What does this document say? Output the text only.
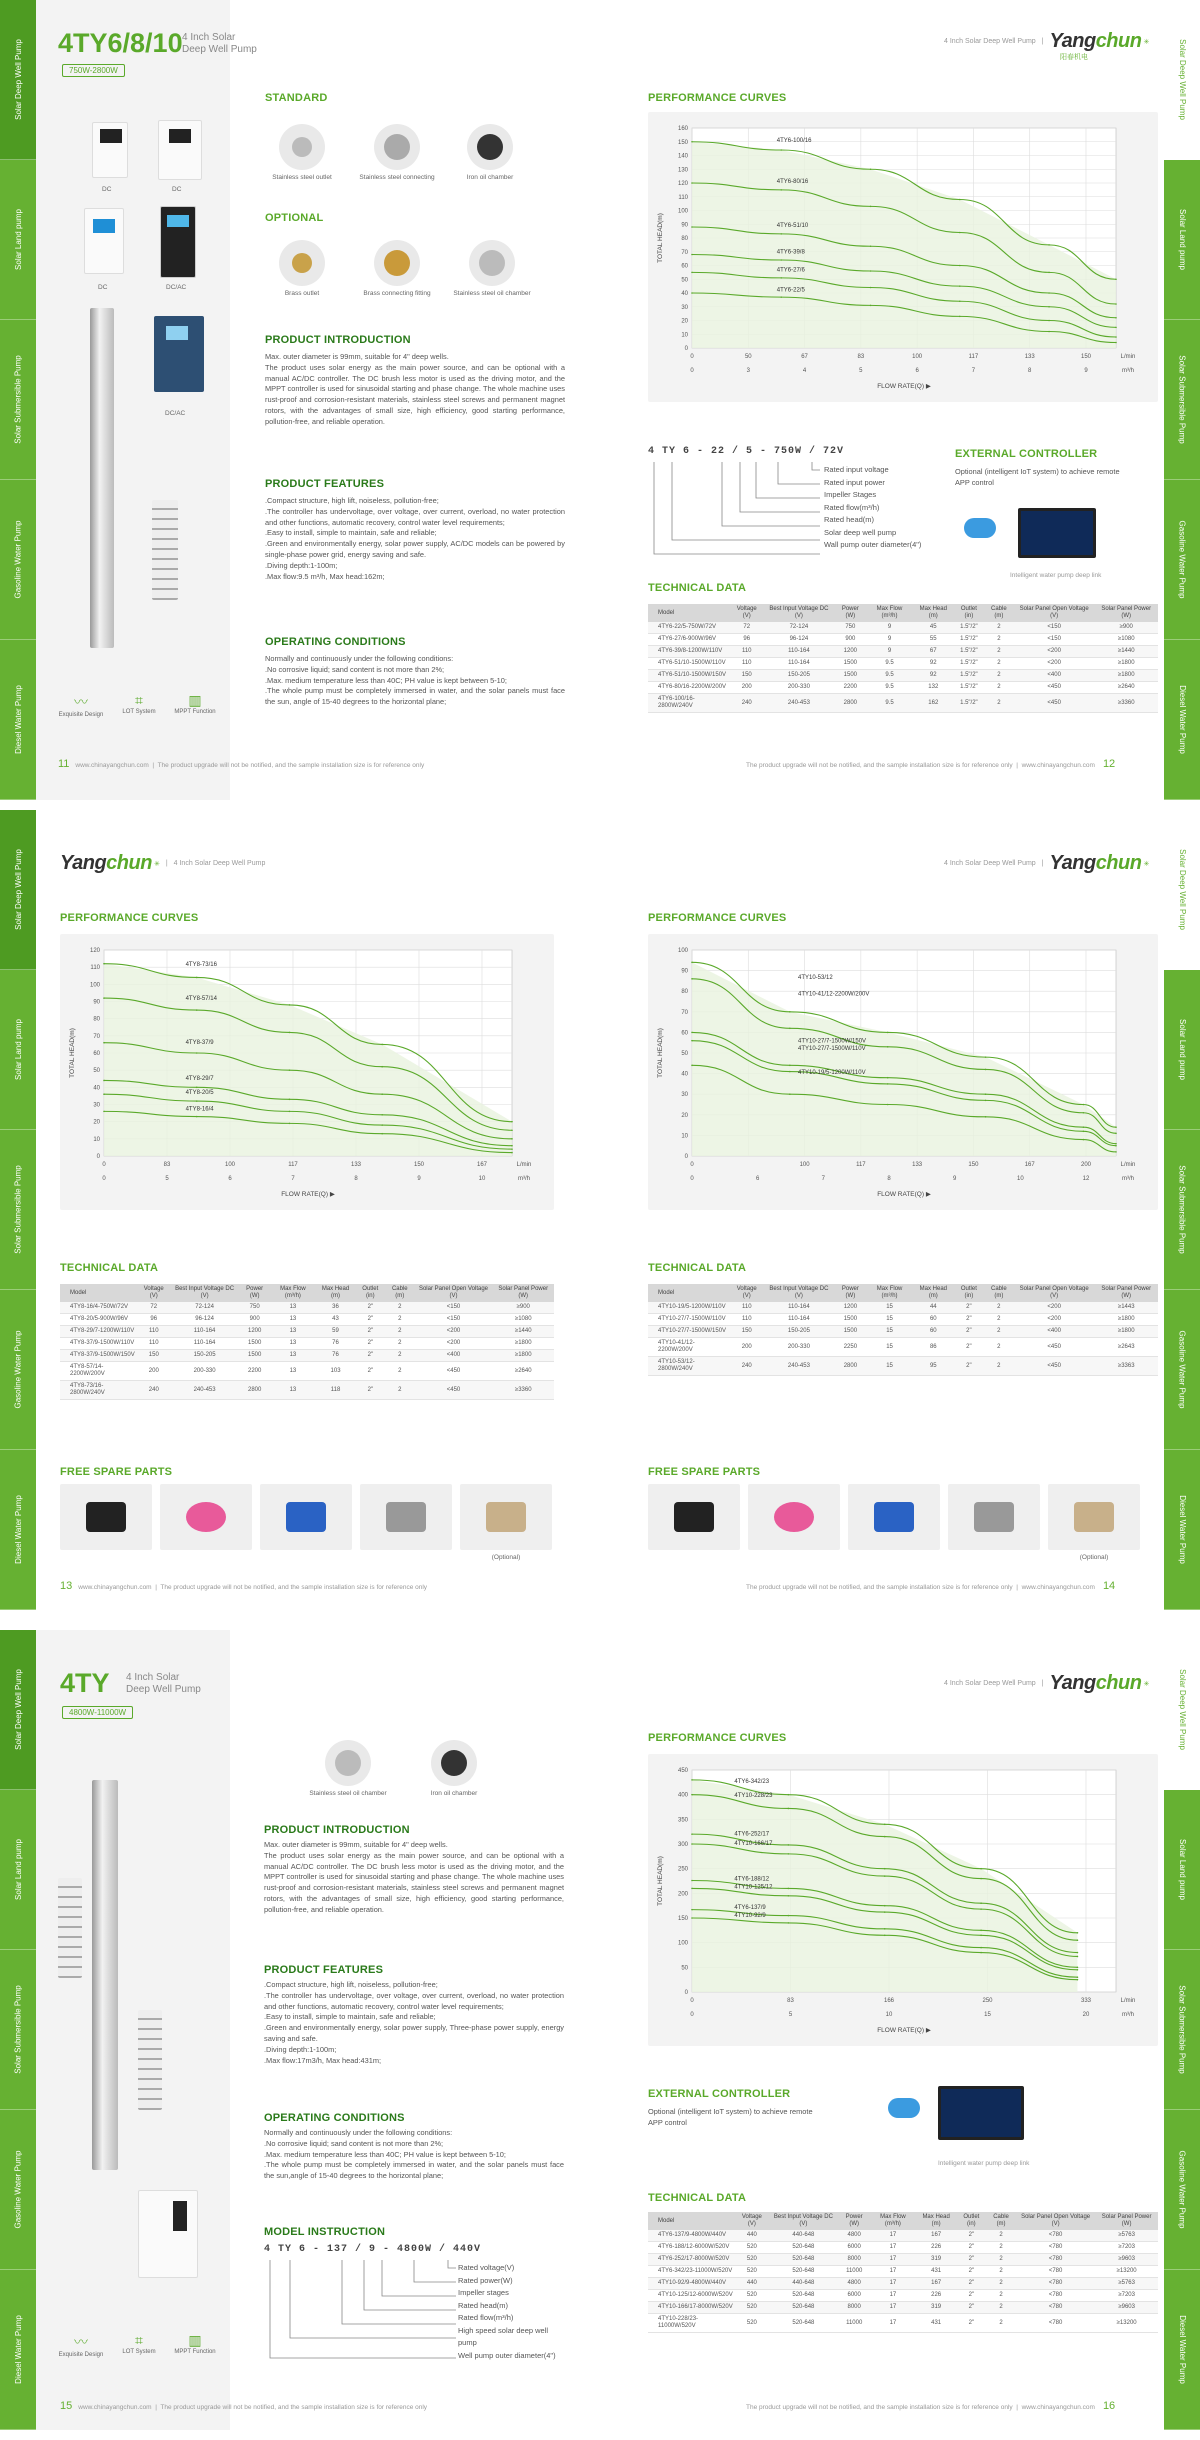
Solar Deep Well Pump
Solar Land pump
Solar Submersible Pump
Gasoline Water Pump
Diesel Water Pump
4TY6/8/10 4 Inch Solar
Deep Well Pump
750W-2800W
DC	DC
DC	DC/AC
DC/AC
〰
Exquisite Design
⌗
LOT System
▥
MPPT Function
STANDARD
Stainless steel outlet	Stainless steel connecting	Iron oil chamber
OPTIONAL
Brass outlet	Brass connecting fitting	Stainless steel oil chamber
PRODUCT INTRODUCTION
Max. outer diameter is 99mm, suitable for 4" deep wells.
The product uses solar energy as the main power source, and can be optional with a manual AC/DC controller. The DC brush less motor is used as the driving motor, and the MPPT controller is used for sinusoidal starting and phase change. The whole machine uses rust-proof and corrosion-resistant materials, stainless steel screws and permanent magnet rotors, with the advantages of small size, high efficiency, good starting performance, pollution-free, and reliable operation.
PRODUCT FEATURES
.Compact structure, high lift, noiseless, pollution-free;
.The controller has undervoltage, over voltage, over current, overload, no water protection and other functions, automatic recovery, control water level requirements;
.Easy to install, simple to maintain, safe and reliable;
.Green and environmentally energy, solar power supply, AC/DC models can be powered by single-phase power grid, energy saving and safe.
.Diving depth:1-100m;
.Max flow:9.5 m³/h, Max head:162m;
OPERATING CONDITIONS
Normally and continuously under the following conditions:
.No corrosive liquid; sand content is not more than 2%;
.Max. medium temperature less than 40C; PH value is kept between 5-10;
.The whole pump must be completely immersed in water, and the solar panels must face the sun, angle of 15-40 degrees to the horizontal plane;
11 www.chinayangchun.com  |  The product upgrade will not be notified, and the sample installation size is for reference only
Solar Deep Well Pump
Solar Land pump
Solar Submersible Pump
Gasoline Water Pump
Diesel Water Pump
4 Inch Solar Deep Well Pump | Yangchun ✳
阳春机电
PERFORMANCE CURVES
0
10
20
30
40
50
60
70
80
90
100
110
120
130
140
150
160
0	50	67	83	100	117	133	150	L/min
0	3	4	5	6	7	8	9	m³/h
FLOW RATE(Q) ▶
TOTAL HEAD(m)
4TY6-100/16
4TY6-80/16
4TY6-51/10
4TY6-39/8
4TY6-27/6
4TY6-22/5
4 TY 6 - 22 / 5 - 750W / 72V
Rated input voltage
Rated input power
Impeller Stages
Rated flow(m³/h)
Rated head(m)
Solar deep well pump
Wall pump outer diameter(4")
EXTERNAL CONTROLLER
Optional (intelligent IoT system) to achieve remote APP control
Intelligent water pump deep link
TECHNICAL DATA
Model	Voltage (V)	Best Input Voltage DC (V)	Power (W)	Max Flow (m³/h)	Max Head (m)	Outlet (in)	Cable (m)	Solar Panel Open Voltage (V)	Solar Panel Power (W)
4TY6-22/5-750W/72V	72	72-124	750	9	45	1.5"/2"	2	<150	≥900
4TY6-27/6-900W/96V	96	96-124	900	9	55	1.5"/2"	2	<150	≥1080
4TY6-39/8-1200W/110V	110	110-164	1200	9	67	1.5"/2"	2	<200	≥1440
4TY6-51/10-1500W/110V	110	110-164	1500	9.5	92	1.5"/2"	2	<200	≥1800
4TY6-51/10-1500W/150V	150	150-205	1500	9.5	92	1.5"/2"	2	<400	≥1800
4TY6-80/16-2200W/200V	200	200-330	2200	9.5	132	1.5"/2"	2	<450	≥2640
4TY6-100/16-2800W/240V	240	240-453	2800	9.5	162	1.5"/2"	2	<450	≥3360
The product upgrade will not be notified, and the sample installation size is for reference only  |  www.chinayangchun.com 12
Solar Deep Well Pump
Solar Land pump
Solar Submersible Pump
Gasoline Water Pump
Diesel Water Pump
Yangchun ✳ | 4 Inch Solar Deep Well Pump
PERFORMANCE CURVES
0
10
20
30
40
50
60
70
80
90
100
110
120
0	83	100	117	133	150	167	L/min
0	5	6	7	8	9	10	m³/h
FLOW RATE(Q) ▶
TOTAL HEAD(m)
4TY8-73/16
4TY8-57/14
4TY8-37/9
4TY8-29/7
4TY8-20/5
4TY8-16/4
TECHNICAL DATA
Model	Voltage (V)	Best Input Voltage DC (V)	Power (W)	Max Flow (m³/h)	Max Head (m)	Outlet (in)	Cable (m)	Solar Panel Open Voltage (V)	Solar Panel Power (W)
4TY8-16/4-750W/72V	72	72-124	750	13	36	2"	2	<150	≥900
4TY8-20/5-900W/96V	96	96-124	900	13	43	2"	2	<150	≥1080
4TY8-29/7-1200W/110V	110	110-164	1200	13	59	2"	2	<200	≥1440
4TY8-37/9-1500W/110V	110	110-164	1500	13	76	2"	2	<200	≥1800
4TY8-37/9-1500W/150V	150	150-205	1500	13	76	2"	2	<400	≥1800
4TY8-57/14-2200W/200V	200	200-330	2200	13	103	2"	2	<450	≥2640
4TY8-73/16-2800W/240V	240	240-453	2800	13	118	2"	2	<450	≥3360
FREE SPARE PARTS
(Optional)
13 www.chinayangchun.com  |  The product upgrade will not be notified, and the sample installation size is for reference only
Solar Deep Well Pump
Solar Land pump
Solar Submersible Pump
Gasoline Water Pump
Diesel Water Pump
4 Inch Solar Deep Well Pump | Yangchun ✳
PERFORMANCE CURVES
0
10
20
30
40
50
60
70
80
90
100
0	100	117	133	150	167	200	L/min
0	6	7	8	9	10	12	m³/h
FLOW RATE(Q) ▶
TOTAL HEAD(m)
4TY10-53/12
4TY10-41/12-2200W/200V
4TY10-27/7-1500W/150V
4TY10-27/7-1500W/110V
4TY10-19/5-1200W/110V
TECHNICAL DATA
Model	Voltage (V)	Best Input Voltage DC (V)	Power (W)	Max Flow (m³/h)	Max Head (m)	Outlet (in)	Cable (m)	Solar Panel Open Voltage (V)	Solar Panel Power (W)
4TY10-19/5-1200W/110V	110	110-164	1200	15	44	2"	2	<200	≥1443
4TY10-27/7-1500W/110V	110	110-164	1500	15	60	2"	2	<200	≥1800
4TY10-27/7-1500W/150V	150	150-205	1500	15	60	2"	2	<400	≥1800
4TY10-41/12-2200W/200V	200	200-330	2250	15	86	2"	2	<450	≥2643
4TY10-53/12-2800W/240V	240	240-453	2800	15	95	2"	2	<450	≥3363
FREE SPARE PARTS
(Optional)
The product upgrade will not be notified, and the sample installation size is for reference only  |  www.chinayangchun.com 14
Solar Deep Well Pump
Solar Land pump
Solar Submersible Pump
Gasoline Water Pump
Diesel Water Pump
4TY 4 Inch Solar
Deep Well Pump
4800W-11000W
〰
Exquisite Design
⌗
LOT System
▥
MPPT Function
Stainless steel oil chamber	Iron oil chamber
PRODUCT INTRODUCTION
Max. outer diameter is 99mm, suitable for 4" deep wells.
The product uses solar energy as the main power source, and can be optional with a manual AC/DC controller. The DC brush less motor is used as the driving motor, and the MPPT controller is used for sinusoidal starting and phase change. The whole machine uses rust-proof and corrosion-resistant materials, stainless steel screws and permanent magnet rotors, with the advantages of small size, high efficiency, good starting performance, pollution-free, and reliable operation.
PRODUCT FEATURES
.Compact structure, high lift, noiseless, pollution-free;
.The controller has undervoltage, over voltage, over current, overload, no water protection and other functions, automatic recovery, control water level requirements;
.Easy to install, simple to maintain, safe and reliable;
.Green and environmentally energy, solar power supply, Three-phase power supply, energy saving and safe.
.Diving depth:1-100m;
.Max flow:17m3/h, Max head:431m;
OPERATING CONDITIONS
Normally and continuously under the following conditions:
.No corrosive liquid; sand content is not more than 2%;
.Max. medium temperature less than 40C; PH value is kept between 5-10;
.The whole pump must be completely immersed in water, and the solar panels must face the sun,angle of 15-40 degrees to the horizontal plane;
MODEL INSTRUCTION
4 TY 6 - 137 / 9 - 4800W / 440V
Rated voltage(V)
Rated power(W)
Impeller stages
Rated head(m)
Rated flow(m³/h)
High speed solar deep well pump
Well pump outer diameter(4")
15 www.chinayangchun.com  |  The product upgrade will not be notified, and the sample installation size is for reference only
Solar Deep Well Pump
Solar Land pump
Solar Submersible Pump
Gasoline Water Pump
Diesel Water Pump
4 Inch Solar Deep Well Pump | Yangchun ✳
PERFORMANCE CURVES
0
50
100
150
200
250
300
350
400
450
0	83	166	250	333	L/min
0	5	10	15	20	m³/h
FLOW RATE(Q) ▶
TOTAL HEAD(m)
4TY6-342/23
4TY10-228/23
4TY6-252/17
4TY10-166/17
4TY6-188/12
4TY10-125/12
4TY6-137/9
4TY10-92/9
EXTERNAL CONTROLLER
Optional (intelligent IoT system) to achieve remote APP control
Intelligent water pump deep link
TECHNICAL DATA
Model	Voltage (V)	Best Input Voltage DC (V)	Power (W)	Max Flow (m³/h)	Max Head (m)	Outlet (in)	Cable (m)	Solar Panel Open Voltage (V)	Solar Panel Power (W)
4TY6-137/9-4800W/440V	440	440-648	4800	17	167	2"	2	<780	≥5763
4TY6-188/12-6000W/520V	520	520-648	6000	17	226	2"	2	<780	≥7203
4TY6-252/17-8000W/520V	520	520-648	8000	17	319	2"	2	<780	≥9603
4TY6-342/23-11000W/520V	520	520-648	11000	17	431	2"	2	<780	≥13200
4TY10-92/9-4800W/440V	440	440-648	4800	17	167	2"	2	<780	≥5763
4TY10-125/12-6000W/520V	520	520-648	6000	17	226	2"	2	<780	≥7203
4TY10-166/17-8000W/520V	520	520-648	8000	17	319	2"	2	<780	≥9603
4TY10-228/23-11000W/520V	520	520-648	11000	17	431	2"	2	<780	≥13200
The product upgrade will not be notified, and the sample installation size is for reference only  |  www.chinayangchun.com 16
